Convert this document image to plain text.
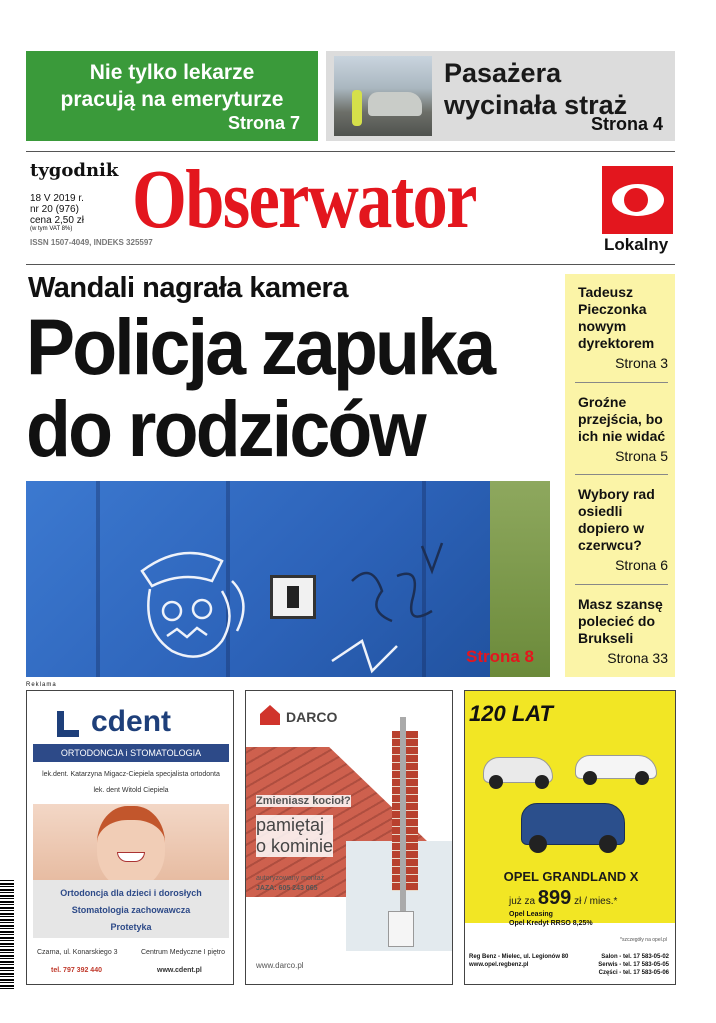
Nie tylko lekarze pracują na emeryturze
Strona 7
Pasażera
wycinała straż
Strona 4
tygodnik
18 V 2019 r.
nr 20 (976)
cena 2,50 zł
(w tym VAT 8%)
ISSN 1507-4049, INDEKS 325597
Obserwator	Lokalny
Wandali nagrała kamera
Policja zapuka
do rodziców
Strona 8
Tadeusz Pieczonka nowym dyrektorem
Strona 3
Groźne przejścia, bo ich nie widać
Strona 5
Wybory rad osiedli dopiero w czerwcu?
Strona 6
Masz szansę polecieć do Brukseli
Strona 33
Reklama
cdent
ORTODONCJA i STOMATOLOGIA
lek.dent. Katarzyna Migacz-Ciepiela specjalista ortodonta
lek. dent Witold Ciepiela
Ortodoncja dla dzieci i dorosłych
Stomatologia zachowawcza
Protetyka
Czarna, ul. Konarskiego 3	Centrum Medyczne I piętro
tel. 797 392 440	www.cdent.pl
DARCO
Zmieniasz kocioł?
pamiętaj
o kominie
autoryzowany montaż
JAZA: 605 243 065
www.darco.pl
120 LAT
OPEL GRANDLAND X
już za 899 zł / mies.*
Opel Leasing
Opel Kredyt RRSO 8,25%
*szczegóły na opel.pl
Reg Benz - Mielec, ul. Legionów 80
www.opel.regbenz.pl
Salon - tel. 17 583-05-02
Serwis - tel. 17 583-05-05
Części - tel. 17 583-05-06
